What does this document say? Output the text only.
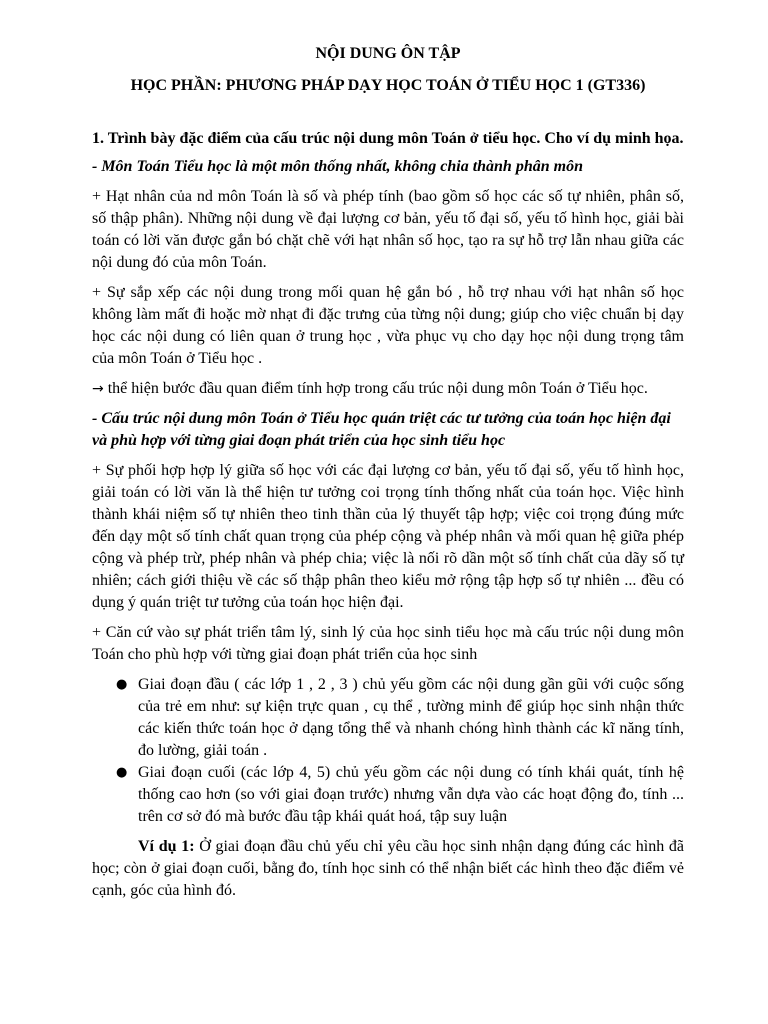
NỘI DUNG ÔN TẬP
HỌC PHẦN: PHƯƠNG PHÁP DẠY HỌC TOÁN Ở TIỂU HỌC 1 (GT336)
1. Trình bày đặc điểm của cấu trúc nội dung môn Toán ở tiểu học. Cho ví dụ minh họa.
- Môn Toán Tiểu học là một môn thống nhất, không chia thành phân môn

+ Hạt nhân của nd môn Toán là số và phép tính (bao gồm số học các số tự nhiên, phân số, số thập phân). Những nội dung về đại lượng cơ bản, yếu tố đại số, yếu tố hình học, giải bài toán có lời văn được gắn bó chặt chẽ với hạt nhân số học, tạo ra sự hỗ trợ lẫn nhau giữa các nội dung đó của môn Toán.

+ Sự sắp xếp các nội dung trong mối quan hệ gắn bó , hỗ trợ nhau với hạt nhân số học không làm mất đi hoặc mờ nhạt đi đặc trưng của từng nội dung; giúp cho việc chuẩn bị dạy học các nội dung có liên quan ở trung học , vừa phục vụ cho dạy học nội dung trọng tâm của môn Toán ở Tiểu học .

→ thể hiện bước đầu quan điểm tính hợp trong cấu trúc nội dung môn Toán ở Tiểu học.

- Cấu trúc nội dung môn Toán ở Tiểu học quán triệt các tư tưởng của toán học hiện đại và phù hợp với từng giai đoạn phát triển của học sinh tiểu học

+ Sự phối hợp hợp lý giữa số học với các đại lượng cơ bản, yếu tố đại số, yếu tố hình học, giải toán có lời văn là thể hiện tư tưởng coi trọng tính thống nhất của toán học. Việc hình thành khái niệm số tự nhiên theo tinh thần của lý thuyết tập hợp; việc coi trọng đúng mức đến dạy một số tính chất quan trọng của phép cộng và phép nhân và mối quan hệ giữa phép cộng và phép trừ, phép nhân và phép chia; việc là nối rõ dần một số tính chất của dãy số tự nhiên; cách giới thiệu về các số thập phân theo kiểu mở rộng tập hợp số tự nhiên ... đều có dụng ý quán triệt tư tưởng của toán học hiện đại.

+ Căn cứ vào sự phát triển tâm lý, sinh lý của học sinh tiểu học mà cấu trúc nội dung môn Toán cho phù hợp với từng giai đoạn phát triển của học sinh

● Giai đoạn đầu ( các lớp 1 , 2 , 3 ) chủ yếu gồm các nội dung gần gũi với cuộc sống của trẻ em như: sự kiện trực quan , cụ thể , tường minh để giúp học sinh nhận thức các kiến thức toán học ở dạng tổng thể và nhanh chóng hình thành các kĩ năng tính, đo lường, giải toán .
● Giai đoạn cuối (các lớp 4, 5) chủ yếu gồm các nội dung có tính khái quát, tính hệ thống cao hơn (so với giai đoạn trước) nhưng vẫn dựa vào các hoạt động đo, tính ... trên cơ sở đó mà bước đầu tập khái quát hoá, tập suy luận

Ví dụ 1: Ở giai đoạn đầu chủ yếu chỉ yêu cầu học sinh nhận dạng đúng các hình đã học; còn ở giai đoạn cuối, bằng đo, tính học sinh có thể nhận biết các hình theo đặc điểm vẻ cạnh, góc của hình đó.
